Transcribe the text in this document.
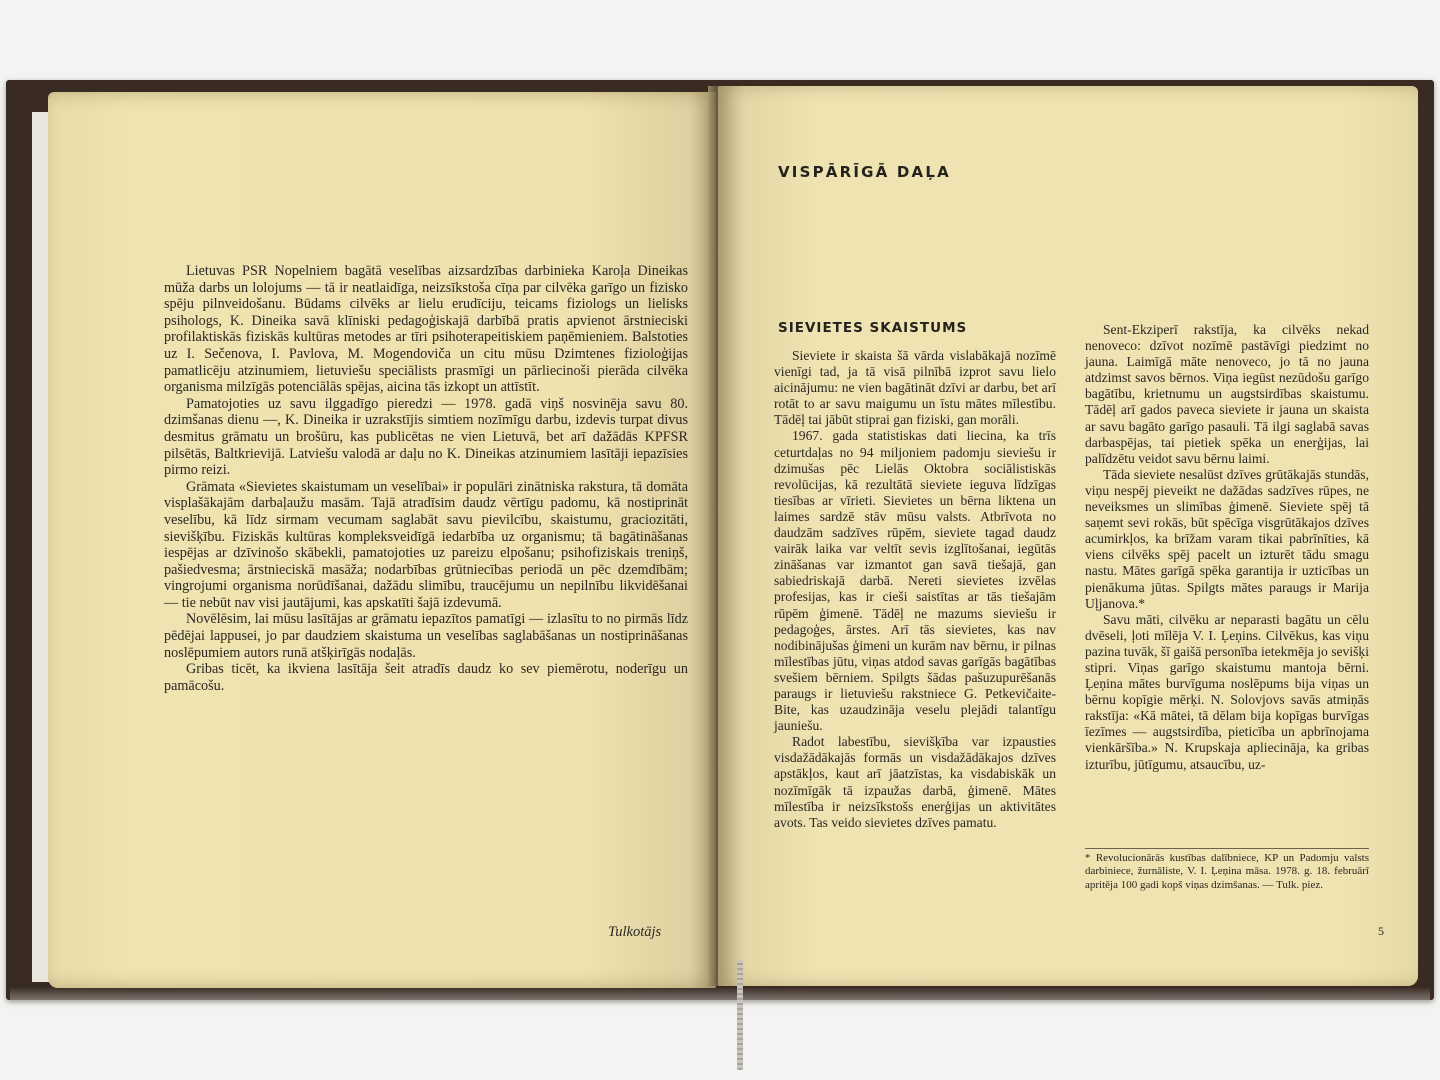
Lietuvas PSR Nopelniem bagātā veselības aizsardzības darbinieka Karoļa Dineikas mūža darbs un lolojums — tā ir neatlaidīga, neizsīkstoša cīņa par cilvēka garīgo un fizisko spēju pilnveidošanu. Būdams cilvēks ar lielu erudīciju, teicams fiziologs un lielisks psihologs, K. Dineika savā klīniski pedagoģiskajā darbībā pratis apvienot ārstnieciski profilaktiskās fiziskās kultūras metodes ar tīri psihoterapeitiskiem paņēmieniem. Balstoties uz I. Sečenova, I. Pavlova, M. Mogendoviča un citu mūsu Dzimtenes fizioloģijas pamatlicēju atzinumiem, lietuviešu speciālists prasmīgi un pārliecinoši pierāda cilvēka organisma milzīgās potenciālās spējas, aicina tās izkopt un attīstīt.

Pamatojoties uz savu ilggadīgo pieredzi — 1978. gadā viņš nosvinēja savu 80. dzimšanas dienu —, K. Dineika ir uzrakstījis simtiem nozīmīgu darbu, izdevis turpat divus desmitus grāmatu un brošūru, kas publicētas ne vien Lietuvā, bet arī dažādās KPFSR pilsētās, Baltkrievijā. Latviešu valodā ar daļu no K. Dineikas atzinumiem lasītāji iepazīsies pirmo reizi.

Grāmata «Sievietes skaistumam un veselībai» ir populāri zinātniska rakstura, tā domāta visplašākajām darbaļaužu masām. Tajā atradīsim daudz vērtīgu padomu, kā nostiprināt veselību, kā līdz sirmam vecumam saglabāt savu pievilcību, skaistumu, graciozitāti, sievišķību. Fiziskās kultūras kompleksveidīgā iedarbība uz organismu; tā bagātināšanas iespējas ar dzīvinošo skābekli, pamatojoties uz pareizu elpošanu; psihofiziskais treniņš, pašiedvesma; ārstnieciskā masāža; nodarbības grūtniecības periodā un pēc dzemdībām; vingrojumi organisma norūdīšanai, dažādu slimību, traucējumu un nepilnību likvidēšanai — tie nebūt nav visi jautājumi, kas apskatīti šajā izdevumā.

Novēlēsim, lai mūsu lasītājas ar grāmatu iepazītos pamatīgi — izlasītu to no pirmās līdz pēdējai lappusei, jo par daudziem skaistuma un veselības saglabāšanas un nostiprināšanas noslēpumiem autors runā atšķirīgās nodaļās.

Gribas ticēt, ka ikviena lasītāja šeit atradīs daudz ko sev piemērotu, noderīgu un pamācošu.

Tulkotājs
VISPĀRĪGĀ DAĻA
SIEVIETES SKAISTUMS

Sieviete ir skaista šā vārda vislabākajā nozīmē vienīgi tad, ja tā visā pilnībā izprot savu lielo aicinājumu: ne vien bagātināt dzīvi ar darbu, bet arī rotāt to ar savu maigumu un īstu mātes mīlestību. Tādēļ tai jābūt stiprai gan fiziski, gan morāli.

1967. gada statistiskas dati liecina, ka trīs ceturtdaļas no 94 miljoniem padomju sieviešu ir dzimušas pēc Lielās Oktobra sociālistiskās revolūcijas, kā rezultātā sieviete ieguva līdzīgas tiesības ar vīrieti. Sievietes un bērna liktenа un laimes sardzē stāv mūsu valsts. Atbrīvota no daudzām sadzīves rūpēm, sieviete tagad daudz vairāk laika var veltīt sevis izglītošanai, iegūtās zināšanas var izmantot gan savā tiešajā, gan sabiedriskajā darbā. Nereti sievietes izvēlas profesijas, kas ir cieši saistītas ar tās tiešajām rūpēm ģimenē. Tādēļ ne mazums sieviešu ir pedagoģes, ārstes. Arī tās sievietes, kas nav nodibinājušas ģimeni un kurām nav bērnu, ir pilnas mīlestības jūtu, viņas atdod savas garīgās bagātības svešiem bērniem. Spilgts šādas pašuzupurēšanās paraugs ir lietuviešu rakstniece G. Petkevičaite-Bite, kas uzaudzināja veselu plejādi talantīgu jauniešu.

Radot labestību, sievišķība var izpausties visdažādākajās formās un visdažādākajos dzīves apstākļos, kaut arī jāatzīstas, ka visdabiskāk un nozīmīgāk tā izpaužas darbā, ģimenē. Mātes mīlestība ir neizsīkstošs enerģijas un aktivitātes avots. Tas veido sievietes dzīves pamatu.

Sent-Ekziperī rakstīja, ka cilvēks nekad nenoveco: dzīvot nozīmē pastāvīgi piedzimt no jauna. Laimīgā māte nenoveco, jo tā no jauna atdzimst savos bērnos. Viņa iegūst nezūdošu garīgo bagātību, krietnumu un augstsirdības skaistumu. Tādēļ arī gados paveca sieviete ir jauna un skaista ar savu bagāto garīgo pasauli. Tā ilgi saglabā savas darbaspējas, tai pietiek spēka un enerģijas, lai palīdzētu veidot savu bērnu laimi.

Tāda sieviete nesalūst dzīves grūtākajās stundās, viņu nespēj pieveikt ne dažādas sadzīves rūpes, ne neveiksmes un slimības ģimenē. Sieviete spēj tā saņemt sevi rokās, būt spēcīga visgrūtākajos dzīves acumirkļos, ka brīžam varam tikai pabrīnīties, kā viens cilvēks spēj pacelt un izturēt tādu smagu nastu. Mātes garīgā spēka garantija ir uzticības un pienākuma jūtas. Spilgts mātes paraugs ir Marija Uļjanova.*

Savu māti, cilvēku ar neparasti bagātu un cēlu dvēseli, ļoti mīlēja V. I. Ļeņins. Cilvēkus, kas viņu pazina tuvāk, šī gaišā personība ietekmēja jo sevišķi stipri. Viņas garīgo skaistumu mantoja bērni. Ļeņina mātes burvīguma noslēpums bija viņas un bērnu kopīgie mērķi. N. Solovjovs savās atmiņās rakstīja: «Kā mātei, tā dēlam bija kopīgas burvīgas īezīmes — augstsirdība, pieticība un apbrīnojama vienkāršība.» N. Krupskaja apliecināja, ka gribas izturību, jūtīgumu, atsaucību, uz-

* Revolucionārās kustības dalībniece, KP un Padomju valsts darbiniece, žurnāliste, V. I. Ļeņina māsa. 1978. g. 18. februārī apritēja 100 gadi kopš viņas dzimšanas. — Tulk. piez.
5
